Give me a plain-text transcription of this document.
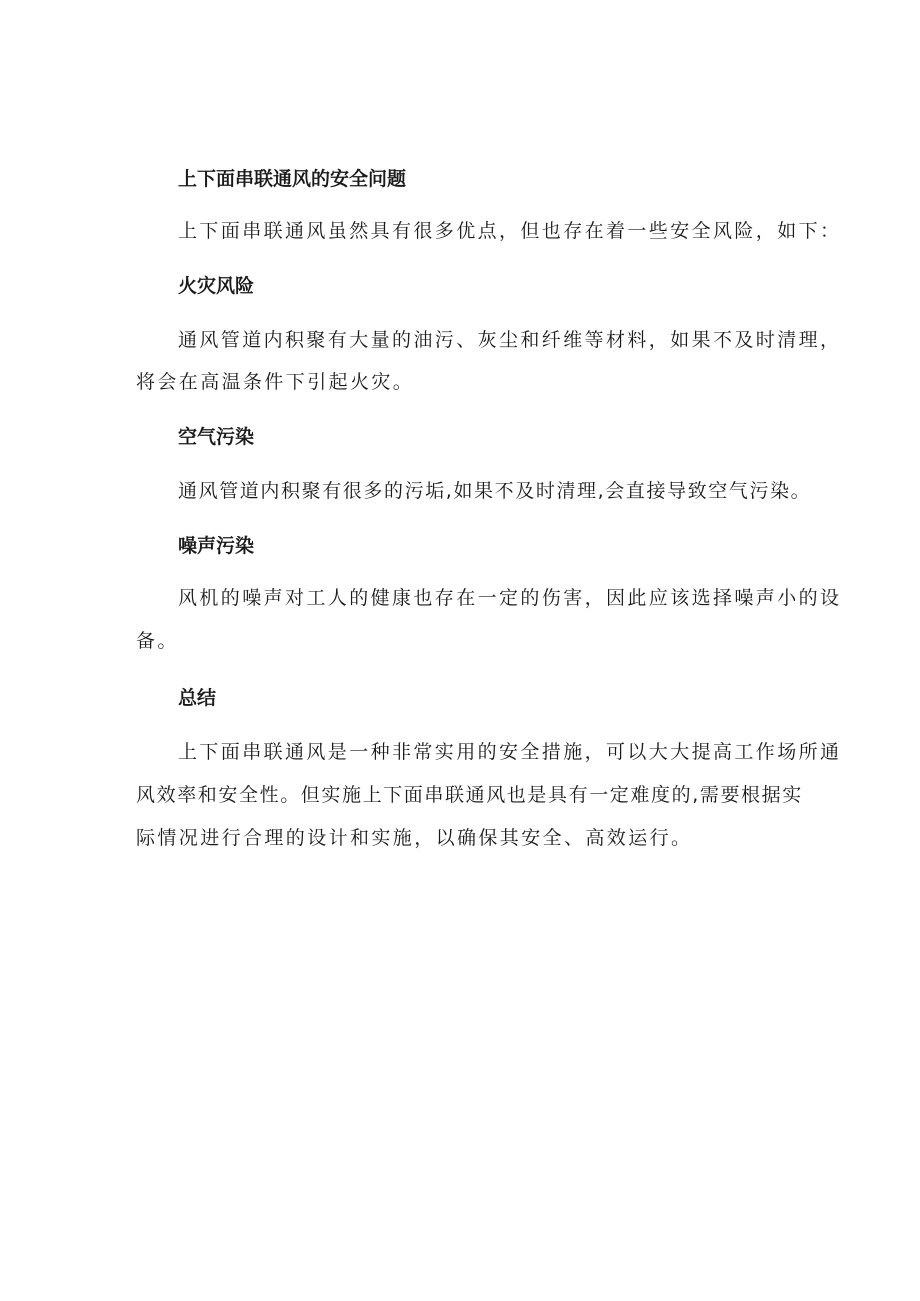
上下面串联通风的安全问题
上下面串联通风虽然具有很多优点，但也存在着一些安全风险，如下：
火灾风险
通风管道内积聚有大量的油污、灰尘和纤维等材料，如果不及时清理，
将会在高温条件下引起火灾。
空气污染
通风管道内积聚有很多的污垢,如果不及时清理,会直接导致空气污染。
噪声污染
风机的噪声对工人的健康也存在一定的伤害，因此应该选择噪声小的设
备。
总结
上下面串联通风是一种非常实用的安全措施，可以大大提高工作场所通
风效率和安全性。但实施上下面串联通风也是具有一定难度的,需要根据实
际情况进行合理的设计和实施，以确保其安全、高效运行。
